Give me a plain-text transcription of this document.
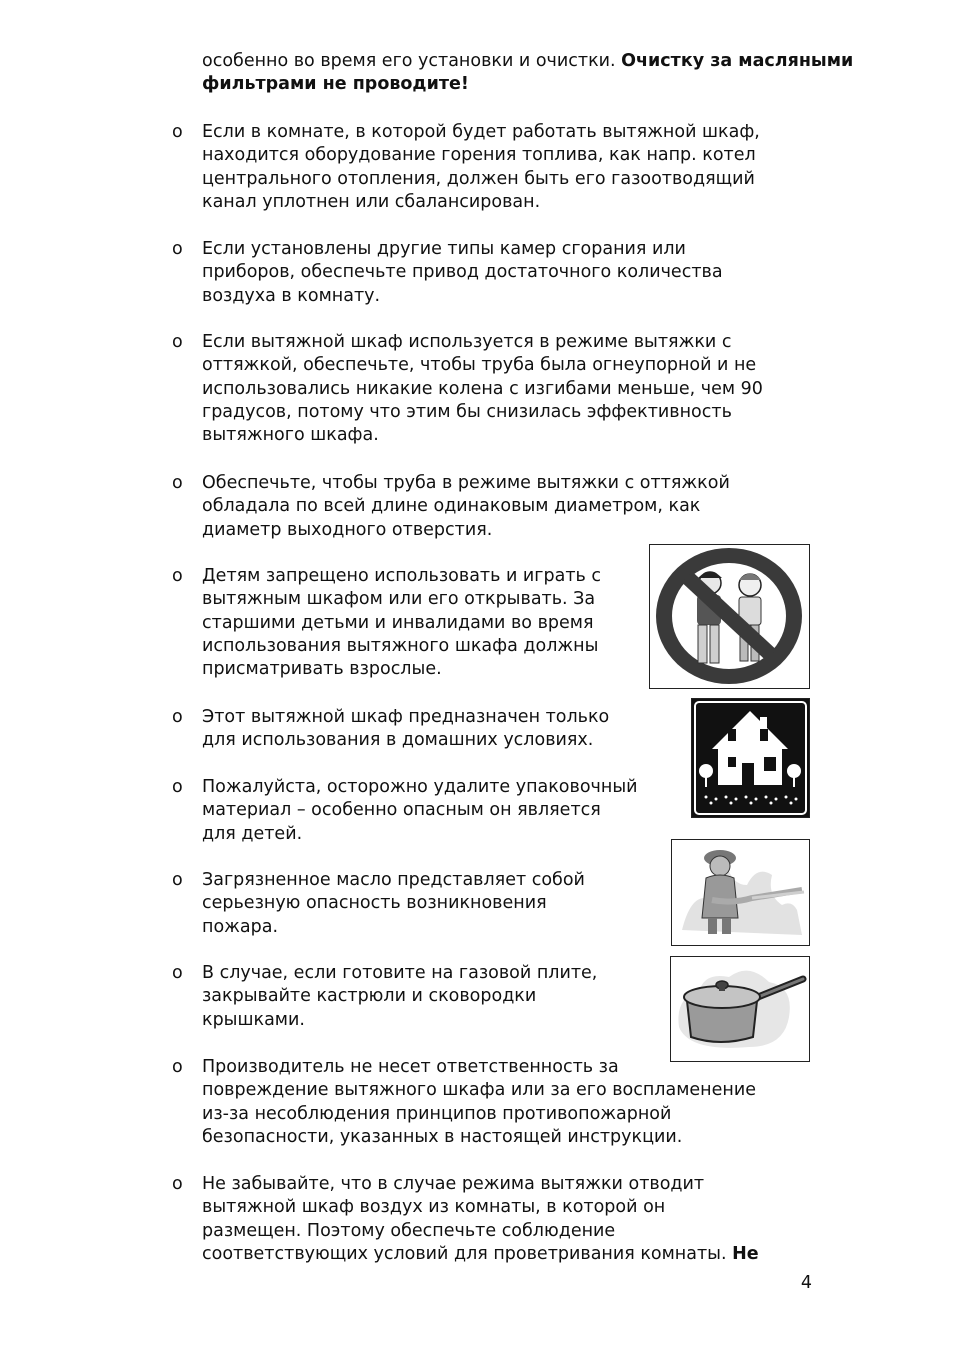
особенно во время его установки и очистки. Очистку за масляными фильтрами не проводите!

o Если в комнате, в которой будет работать вытяжной шкаф,
находится оборудование горения топлива, как напр. котел
центрального отопления, должен быть его газоотводящий
канал уплотнен или сбалансирован.
o Если установлены другие типы камер сгорания или
приборов, обеспечьте привод достаточного количества
воздуха в комнату.
o Если вытяжной шкаф используется в режиме вытяжки с
оттяжкой, обеспечьте, чтобы труба была огнеупорной и не
использовались никакие колена с изгибами меньше, чем 90
градусов, потому что этим бы снизилась эффективность
вытяжного шкафа.
o Обеспечьте, чтобы труба в режиме вытяжки с оттяжкой
обладала по всей длине одинаковым диаметром, как
диаметр выходного отверстия.
o Детям запрещено использовать и играть с
вытяжным шкафом или его открывать. За
старшими детьми и инвалидами во время
использования вытяжного шкафа должны
присматривать взрослые.
o Этот вытяжной шкаф предназначен только
для использования в домашних условиях.
o Пожалуйста, осторожно удалите упаковочный
материал – особенно опасным он является
для детей.
o Загрязненное масло представляет собой
серьезную опасность возникновения
пожара.
o В случае, если готовите на газовой плите,
закрывайте кастрюли и сковородки
крышками.
o Производитель не несет ответственность за
повреждение вытяжного шкафа или за его воспламенение
из-за несоблюдения принципов противопожарной
безопасности, указанных в настоящей инструкции.
o Не забывайте, что в случае режима вытяжки отводит
вытяжной шкаф воздух из комнаты, в которой он
размещен. Поэтому обеспечьте соблюдение
соответствующих условий для проветривания комнаты. Не
4
